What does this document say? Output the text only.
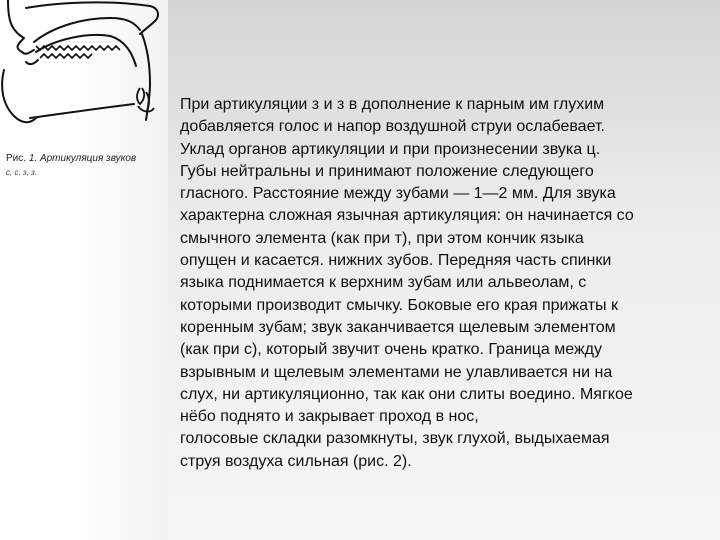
Рис. 1. Артикуляция звуков
с, с, з, з.

При артикуляции з и з в дополнение к парным им глухим
добавляется голос и напор воздушной струи ослабевает.
Уклад органов артикуляции и при произнесении звука ц.
Губы нейтральны и принимают положение следующего
гласного. Расстояние между зубами — 1—2 мм. Для звука
характерна сложная язычная артикуляция: он начинается со
смычного элемента (как при т), при этом кончик языка
опущен и касается. нижних зубов. Передняя часть спинки
языка поднимается к верхним зубам или альвеолам, с
которыми производит смычку. Боковые его края прижаты к
коренным зубам; звук заканчивается щелевым элементом
(как при с), который звучит очень кратко. Граница между
взрывным и щелевым элементами не улавливается ни на
слух, ни артикуляционно, так как они слиты воедино. Мягкое
нёбо поднято и закрывает проход в нос,
голосовые складки разомкнуты, звук глухой, выдыхаемая
струя воздуха сильная (рис. 2).
